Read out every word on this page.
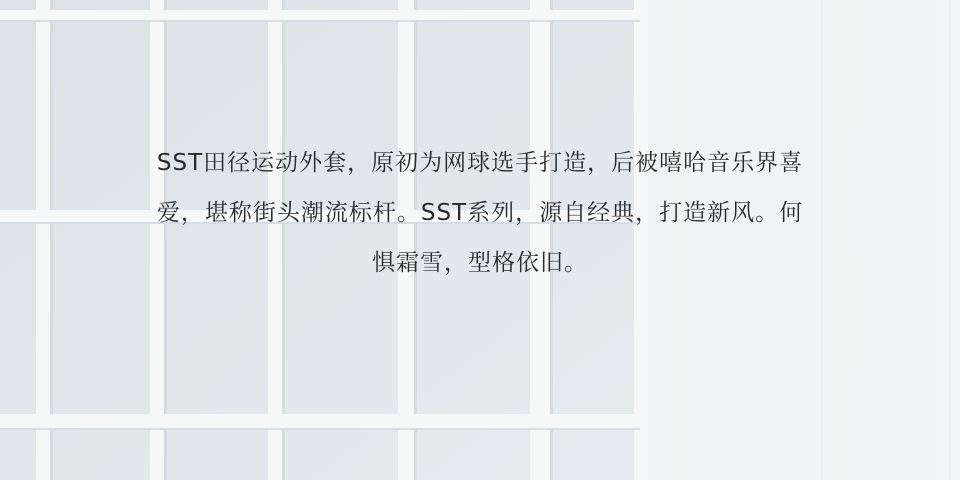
SST田径运动外套，原初为网球选手打造，后被嘻哈音乐界喜
爱，堪称街头潮流标杆。SST系列，源自经典，打造新风。何
惧霜雪，型格依旧。
